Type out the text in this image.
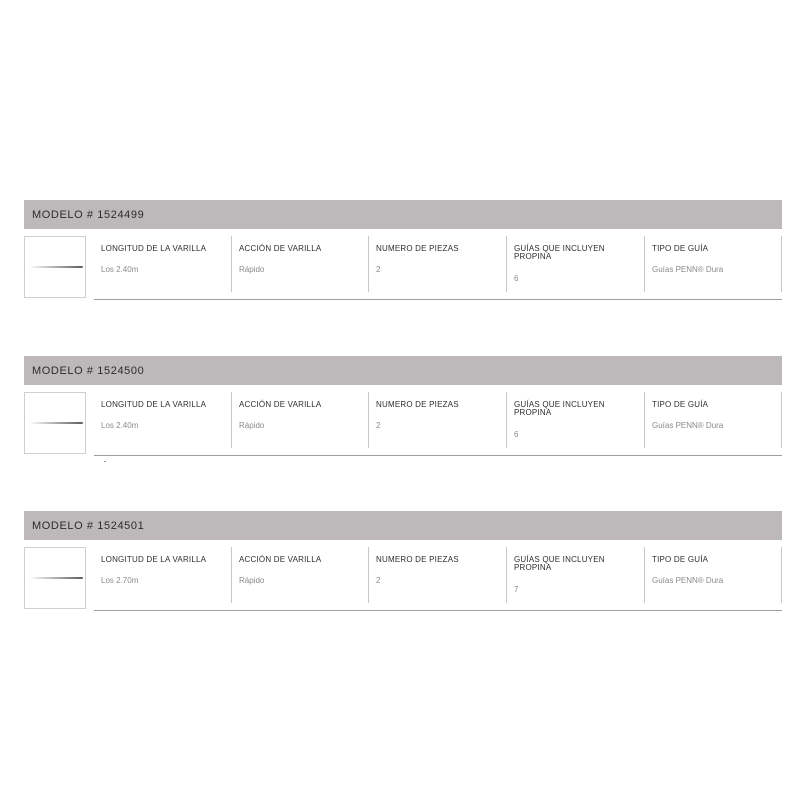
MODELO # 1524499
LONGITUD DE LA VARILLA
Los 2.40m
ACCIÓN DE VARILLA
Rápido
NUMERO DE PIEZAS
2
GUÍAS QUE INCLUYEN
PROPINA
6
TIPO DE GUÍA
Guías PENN® Dura
MODELO # 1524500
LONGITUD DE LA VARILLA
Los 2.40m
ACCIÓN DE VARILLA
Rápido
NUMERO DE PIEZAS
2
GUÍAS QUE INCLUYEN
PROPINA
6
TIPO DE GUÍA
Guías PENN® Dura
MODELO # 1524501
LONGITUD DE LA VARILLA
Los 2.70m
ACCIÓN DE VARILLA
Rápido
NUMERO DE PIEZAS
2
GUÍAS QUE INCLUYEN
PROPINA
7
TIPO DE GUÍA
Guías PENN® Dura
